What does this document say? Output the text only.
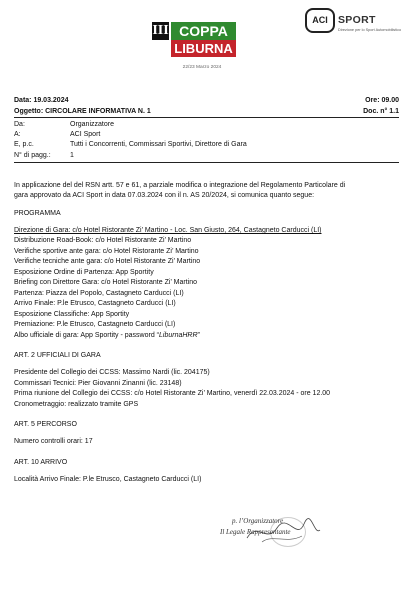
III COPPA
LIBURNA
22/23 Marzo 2024
ACI SPORT
Direzione per lo Sport Automobilistico
Data: 19.03.2024	Ore: 09.00
Oggetto: CIRCOLARE INFORMATIVA N. 1	Doc. n° 1.1
Da:	Organizzatore
A:	ACI Sport
E, p.c.	Tutti i Concorrenti, Commissari Sportivi, Direttore di Gara
N° di pagg.:	1
In applicazione del del RSN artt. 57 e 61, a parziale modifica o integrazione del Regolamento Particolare di
gara approvato da ACI Sport in data 07.03.2024 con il n. AS 20/2024, si comunica quanto segue:
PROGRAMMA
Direzione di Gara: c/o Hotel Ristorante Zi’ Martino - Loc. San Giusto, 264, Castagneto Carducci (LI)
Distribuzione Road-Book: c/o Hotel Ristorante Zi’ Martino
Verifiche sportive ante gara: c/o Hotel Ristorante Zi’ Martino
Verifiche tecniche ante gara: c/o Hotel Ristorante Zi’ Martino
Esposizione Ordine di Partenza: App Sportity
Briefing con Direttore Gara: c/o Hotel Ristorante Zi’ Martino
Partenza: Piazza del Popolo, Castagneto Carducci (LI)
Arrivo Finale: P.le Etrusco, Castagneto Carducci (LI)
Esposizione Classifiche: App Sportity
Premiazione: P.le Etrusco, Castagneto Carducci (LI)
Albo ufficiale di gara: App Sportity - password “LiburnaHRR”
ART. 2 UFFICIALI DI GARA
Presidente del Collegio dei CCSS: Massimo Nardi (lic. 204175)
Commissari Tecnici: Pier Giovanni Zinanni (lic. 23148)
Prima riunione del Collegio dei CCSS: c/o Hotel Ristorante Zi’ Martino, venerdì 22.03.2024 - ore 12.00
Cronometraggio: realizzato tramite GPS
ART. 5 PERCORSO
Numero controlli orari: 17
ART. 10 ARRIVO
Località Arrivo Finale: P.le Etrusco, Castagneto Carducci (LI)
p. l’Organizzatore
Il Legale Rappresentante
